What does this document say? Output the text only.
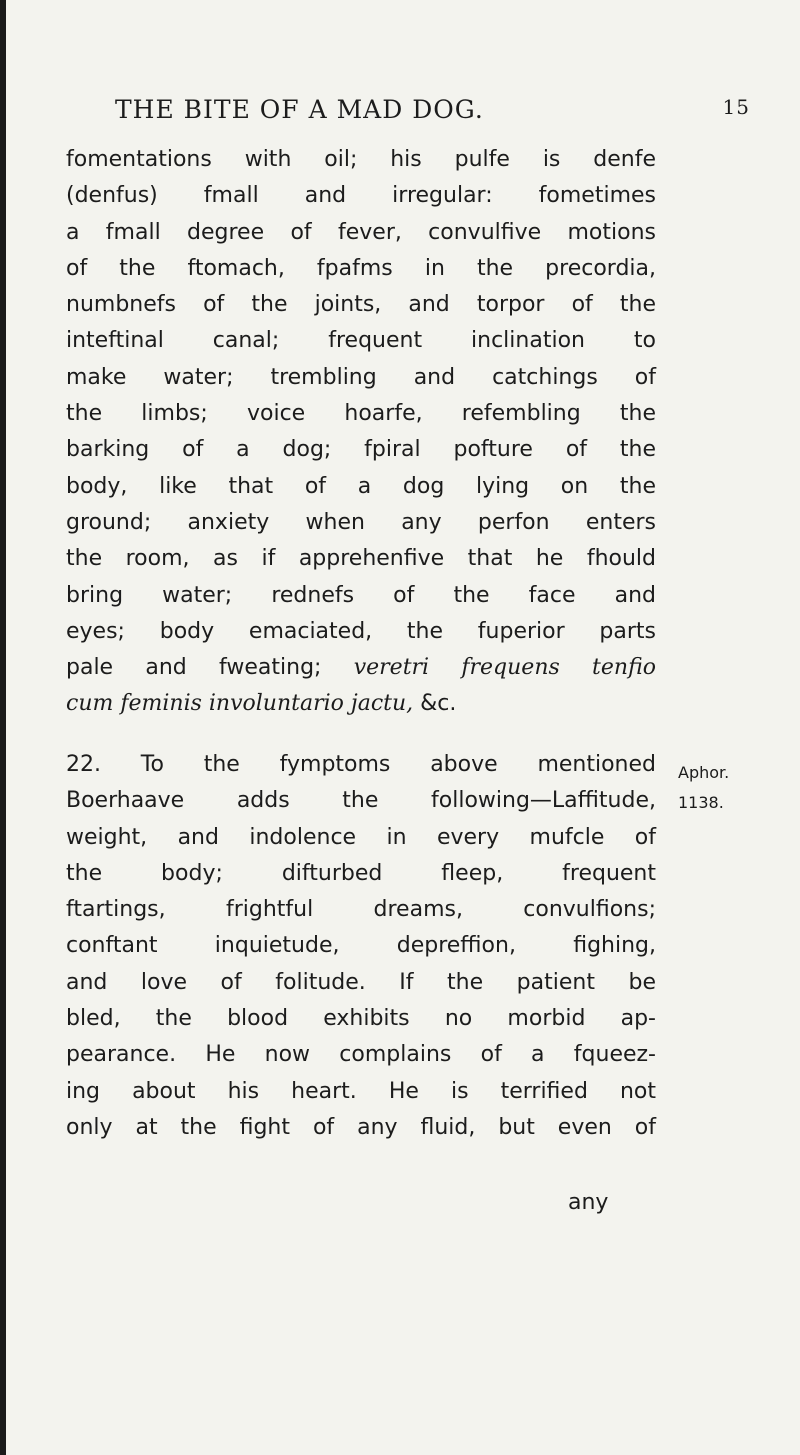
THE BITE OF A MAD DOG.	15
fomentations with oil; his pulfe is denfe
(denfus) fmall and irregular: fometimes
a fmall degree of fever, convulfive motions
of the ftomach, fpafms in the precordia,
numbnefs of the joints, and torpor of the
inteftinal canal; frequent inclination to
make water; trembling and catchings of
the limbs; voice hoarfe, refembling the
barking of a dog; fpiral pofture of the
body, like that of a dog lying on the
ground; anxiety when any perfon enters
the room, as if apprehenfive that he fhould
bring water; rednefs of the face and
eyes; body emaciated, the fuperior parts
pale and fweating; veretri frequens tenfio
cum feminis involuntario jactu, &c.
22. To the fymptoms above mentioned
Boerhaave adds the following—Laffitude,
weight, and indolence in every mufcle of
the body; difturbed fleep, frequent
ftartings, frightful dreams, convulfions;
conftant inquietude, depreffion, fighing,
and love of folitude. If the patient be
bled, the blood exhibits no morbid ap-
pearance. He now complains of a fqueez-
ing about his heart. He is terrified not
only at the fight of any fluid, but even of
Aphor.
1138.
any
